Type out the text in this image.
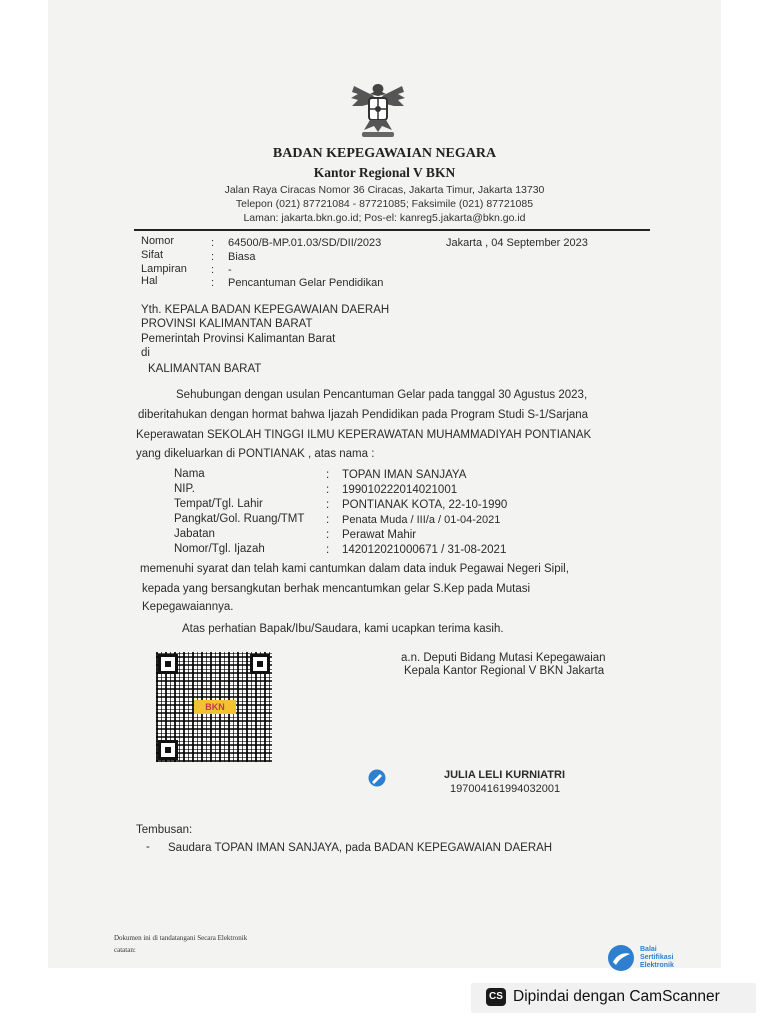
BADAN KEPEGAWAIAN NEGARA
Kantor Regional V BKN
Jalan Raya Ciracas Nomor 36 Ciracas, Jakarta Timur, Jakarta 13730
Telepon (021) 87721084 - 87721085; Faksimile (021) 87721085
Laman: jakarta.bkn.go.id; Pos-el: kanreg5.jakarta@bkn.go.id
Nomor
Sifat
Lampiran
Hal
:
:
:
:
64500/B-MP.01.03/SD/DII/2023
Biasa
-
Pencantuman Gelar Pendidikan
Jakarta , 04 September 2023
Yth. KEPALA BADAN KEPEGAWAIAN DAERAH
PROVINSI KALIMANTAN BARAT
Pemerintah Provinsi Kalimantan Barat
di
KALIMANTAN BARAT
Sehubungan dengan usulan Pencantuman Gelar pada tanggal 30 Agustus 2023,
diberitahukan dengan hormat bahwa Ijazah Pendidikan pada Program Studi S-1/Sarjana
Keperawatan SEKOLAH TINGGI ILMU KEPERAWATAN MUHAMMADIYAH PONTIANAK
yang dikeluarkan di PONTIANAK , atas nama :
Nama
NIP.
Tempat/Tgl. Lahir
Pangkat/Gol. Ruang/TMT
Jabatan
Nomor/Tgl. Ijazah
:
:
:
:
:
:
TOPAN IMAN SANJAYA
199010222014021001
PONTIANAK KOTA, 22-10-1990
Penata Muda / III/a / 01-04-2021
Perawat Mahir
142012021000671 / 31-08-2021
memenuhi syarat dan telah kami cantumkan dalam data induk Pegawai Negeri Sipil,
kepada yang bersangkutan berhak mencantumkan gelar S.Kep pada Mutasi
Kepegawaiannya.
Atas perhatian Bapak/Ibu/Saudara, kami ucapkan terima kasih.
BKN
a.n. Deputi Bidang Mutasi Kepegawaian
Kepala Kantor Regional V BKN Jakarta
JULIA LELI KURNIATRI
197004161994032001
Tembusan:
- Saudara TOPAN IMAN SANJAYA, pada BADAN KEPEGAWAIAN DAERAH
Dokumen ini di tandatangani Secara Elektronik
catatan:	Balai
Sertifikasi
Elektronik
CS Dipindai dengan CamScanner
